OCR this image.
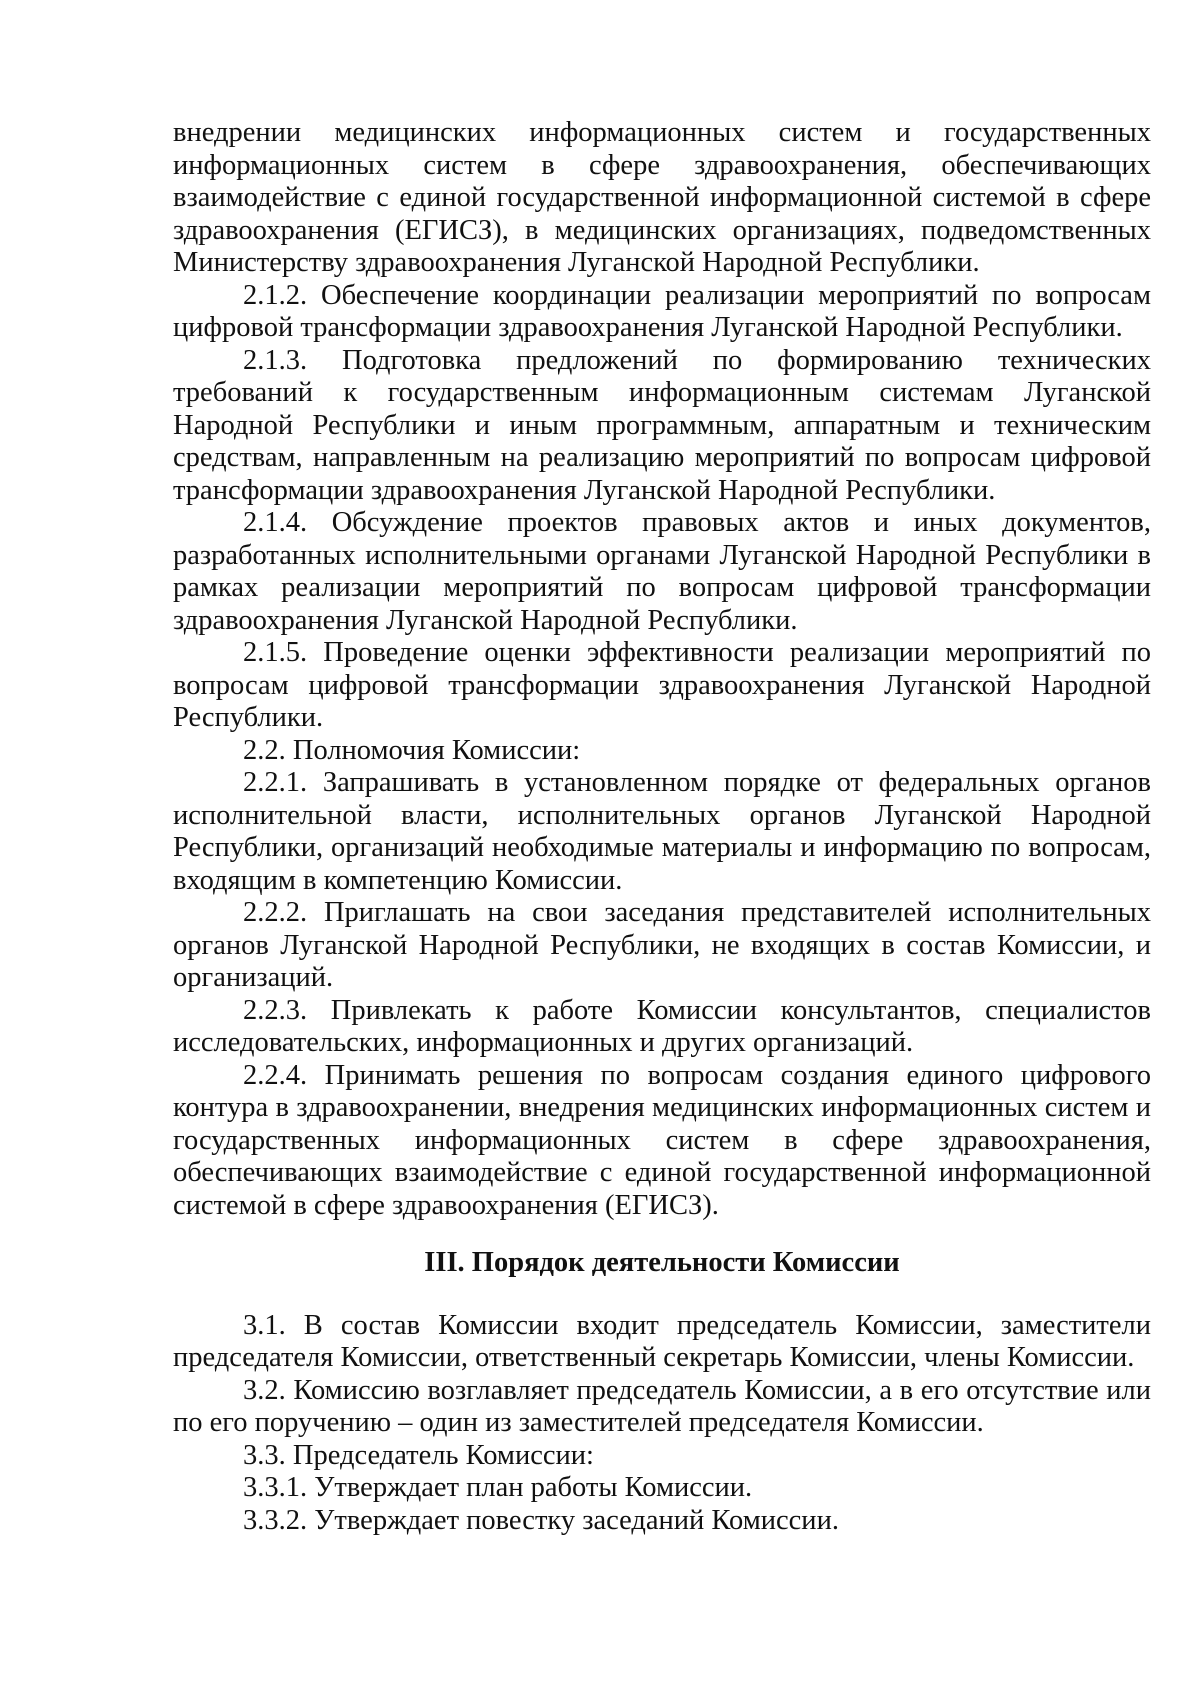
внедрении медицинских информационных систем и государственных информационных систем в сфере здравоохранения, обеспечивающих взаимодействие с единой государственной информационной системой в сфере здравоохранения (ЕГИСЗ), в медицинских организациях, подведомственных Министерству здравоохранения Луганской Народной Республики.

2.1.2. Обеспечение координации реализации мероприятий по вопросам цифровой трансформации здравоохранения Луганской Народной Республики.

2.1.3. Подготовка предложений по формированию технических требований к государственным информационным системам Луганской Народной Республики и иным программным, аппаратным и техническим средствам, направленным на реализацию мероприятий по вопросам цифровой трансформации здравоохранения Луганской Народной Республики.

2.1.4. Обсуждение проектов правовых актов и иных документов, разработанных исполнительными органами Луганской Народной Республики в рамках реализации мероприятий по вопросам цифровой трансформации здравоохранения Луганской Народной Республики.

2.1.5. Проведение оценки эффективности реализации мероприятий по вопросам цифровой трансформации здравоохранения Луганской Народной Республики.

2.2. Полномочия Комиссии:

2.2.1. Запрашивать в установленном порядке от федеральных органов исполнительной власти, исполнительных органов Луганской Народной Республики, организаций необходимые материалы и информацию по вопросам, входящим в компетенцию Комиссии.

2.2.2. Приглашать на свои заседания представителей исполнительных органов Луганской Народной Республики, не входящих в состав Комиссии, и организаций.

2.2.3. Привлекать к работе Комиссии консультантов, специалистов исследовательских, информационных и других организаций.

2.2.4. Принимать решения по вопросам создания единого цифрового контура в здравоохранении, внедрения медицинских информационных систем и государственных информационных систем в сфере здравоохранения, обеспечивающих взаимодействие с единой государственной информационной системой в сфере здравоохранения (ЕГИСЗ).

III. Порядок деятельности Комиссии

3.1. В состав Комиссии входит председатель Комиссии, заместители председателя Комиссии, ответственный секретарь Комиссии, члены Комиссии.

3.2. Комиссию возглавляет председатель Комиссии, а в его отсутствие или по его поручению – один из заместителей председателя Комиссии.

3.3. Председатель Комиссии:

3.3.1. Утверждает план работы Комиссии.

3.3.2. Утверждает повестку заседаний Комиссии.
